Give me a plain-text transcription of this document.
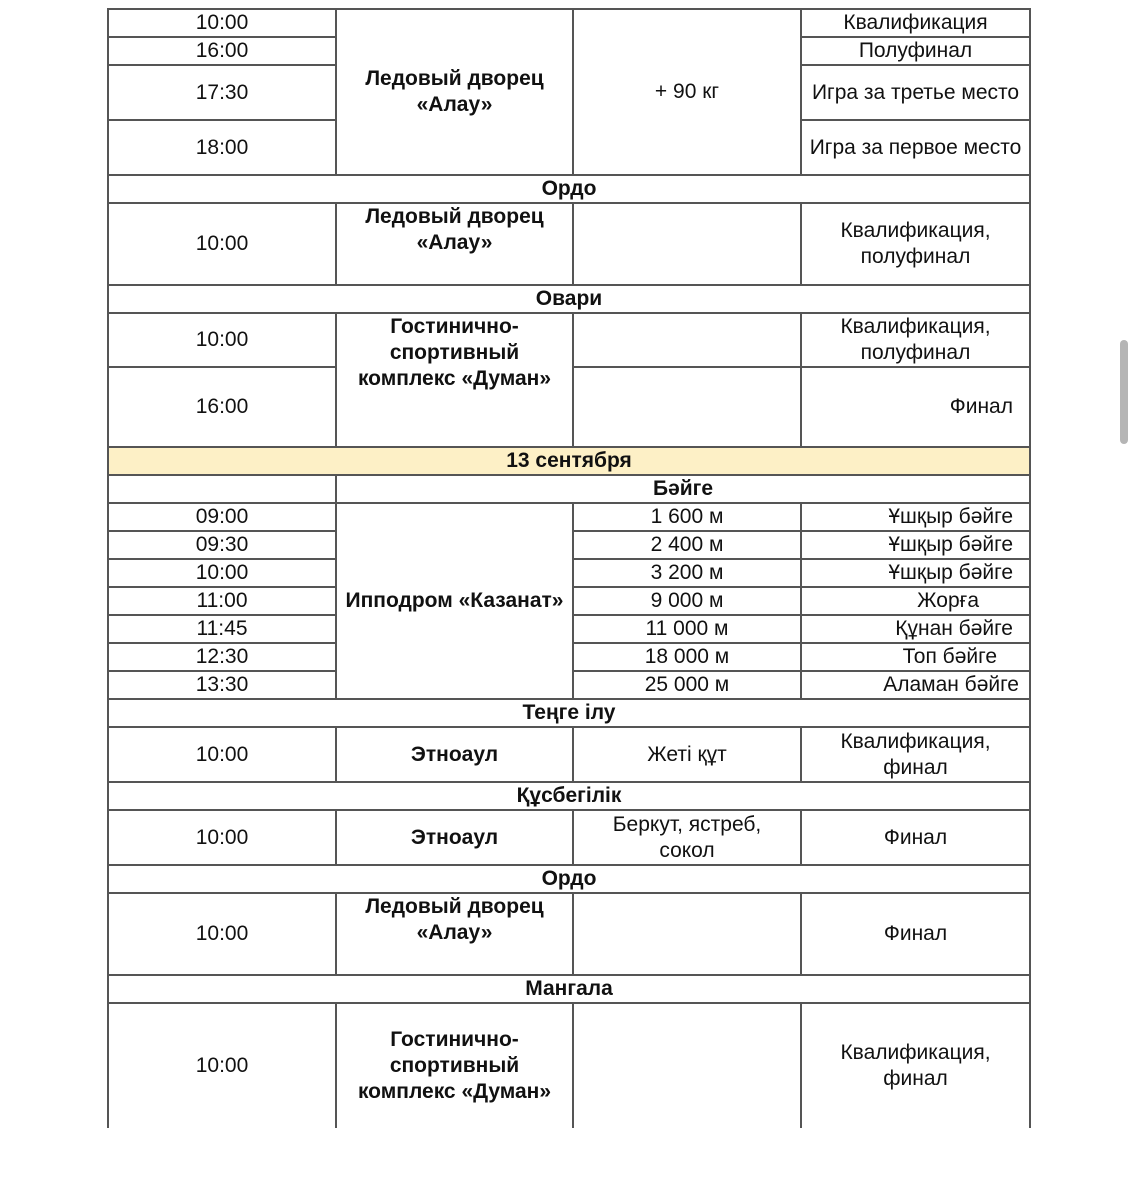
10:00	Ледовый дворец «Алау»	+ 90 кг	Квалификация
16:00			Полуфинал
17:30			Игра за третье место
18:00			Игра за первое место
Ордо			
10:00	Ледовый дворец «Алау»		Квалификация, полуфинал
Овари			
10:00	Гостинично-спортивный комплекс «Думан»		Квалификация, полуфинал
16:00			Финал
13 сентября			
	Бәйге		
09:00	Ипподром «Казанат»	1 600 м	Ұшқыр бәйге
09:30		2 400 м	Ұшқыр бәйге
10:00		3 200 м	Ұшқыр бәйге
11:00		9 000 м	Жорға
11:45		11 000 м	Құнан бәйге
12:30		18 000 м	Топ бәйге
13:30		25 000 м	Аламан бәйге
Теңге ілу			
10:00	Этноаул	Жеті құт	Квалификация, финал
Құсбегілік			
10:00	Этноаул	Беркут, ястреб, сокол	Финал
Ордо			
10:00	Ледовый дворец «Алау»		Финал
Мангала			
10:00	Гостинично-спортивный комплекс «Думан»		Квалификация, финал
